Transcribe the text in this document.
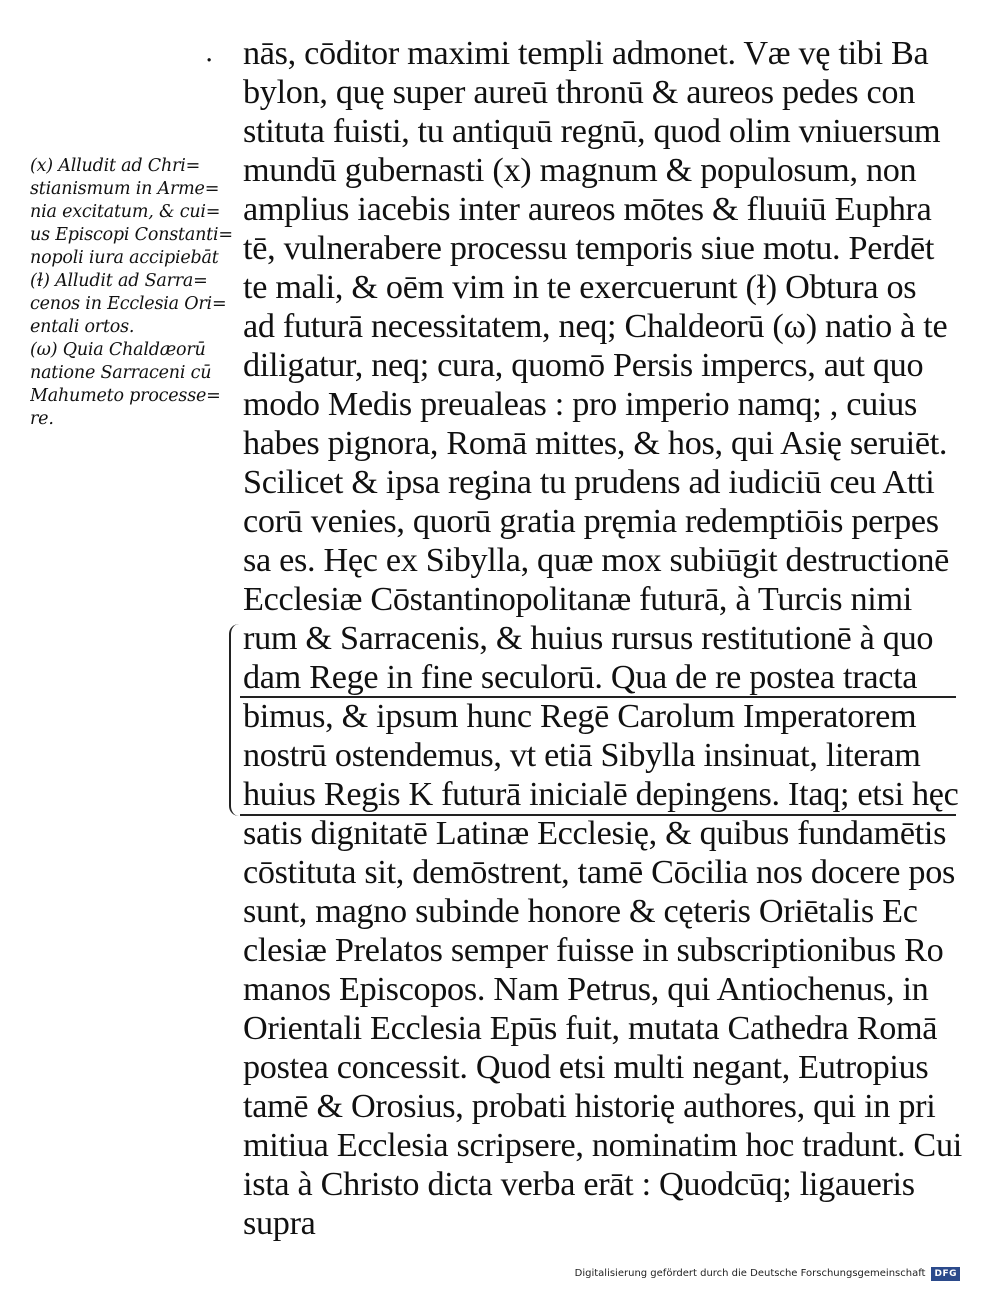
.
(x) Alludit ad Chri=
stianismum in Arme=
nia excitatum, & cui=
us Episcopi Constanti=
nopoli iura accipiebāt
(ɫ) Alludit ad Sarra=
cenos in Ecclesia Ori=
entali ortos.
(ω) Quia Chaldæorū
natione Sarraceni cū
Mahumeto processe=
re.
nās, cōditor maximi templi admonet. Væ vę tibi Ba
bylon, quę super aureū thronū & aureos pedes con
stituta fuisti, tu antiquū regnū, quod olim vniuersum
mundū gubernasti (x) magnum & populosum, non
amplius iacebis inter aureos mōtes & fluuiū Euphra
tē, vulnerabere processu temporis siue motu. Perdēt
te mali, & oēm vim in te exercuerunt (ɫ) Obtura os
ad futurā necessitatem, neq; Chaldeorū (ω) natio à te
diligatur, neq; cura, quomō Persis impercs, aut quo
modo Medis preualeas : pro imperio namq; , cuius
habes pignora, Romā mittes, & hos, qui Asię seruiēt.
Scilicet & ipsa regina tu prudens ad iudiciū ceu Atti
corū venies, quorū gratia pręmia redemptiōis perpes
sa es. Hęc ex Sibylla, quæ mox subiūgit destructionē
Ecclesiæ Cōstantinopolitanæ futurā, à Turcis nimi
rum & Sarracenis, & huius rursus restitutionē à quo
dam Rege in fine seculorū. Qua de re postea tracta
bimus, & ipsum hunc Regē Carolum Imperatorem
nostrū ostendemus, vt etiā Sibylla insinuat, literam
huius Regis K futurā inicialē depingens. Itaq; etsi hęc
satis dignitatē Latinæ Ecclesię, & quibus fundamētis
cōstituta sit, demōstrent, tamē Cōcilia nos docere pos
sunt, magno subinde honore & cęteris Oriētalis Ec
clesiæ Prelatos semper fuisse in subscriptionibus Ro
manos Episcopos. Nam Petrus, qui Antiochenus, in
Orientali Ecclesia Epūs fuit, mutata Cathedra Romā
postea concessit. Quod etsi multi negant, Eutropius
tamē & Orosius, probati historię authores, qui in pri
mitiua Ecclesia scripsere, nominatim hoc tradunt. Cui
ista à Christo dicta verba erāt : Quodcūq; ligaueris
supra
Digitalisierung gefördert durch die Deutsche Forschungsgemeinschaft	DFG
